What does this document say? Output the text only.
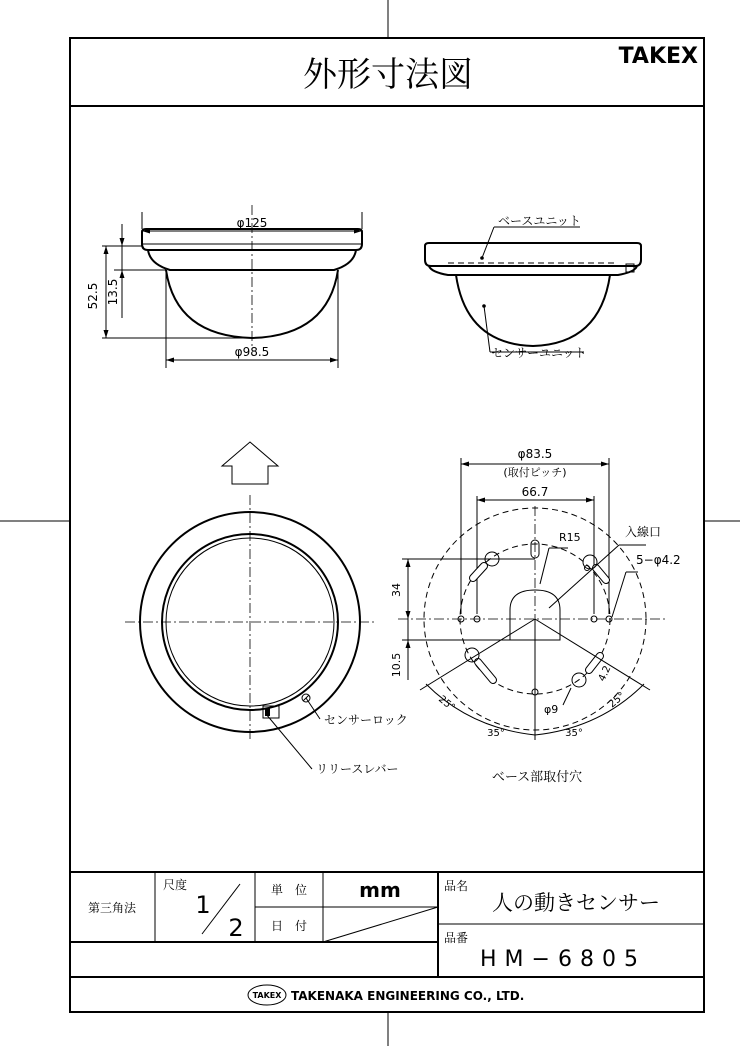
外形寸法図	TAKEX
φ125
φ98.5
52.5 13.5
ベースユニット
センサーユニット
センサーロック
リリースレバー
φ83.5
(取付ピッチ)
66.7
R15	入線口
5−φ4.2
34
10.5
φ9
4.2
25°	25°
35°	35°
ベース部取付穴
第三角法
尺度
1
2
単　位	mm
日　付
品名
人の動きセンサー
品番
HM−6805
TAKEX TAKENAKA ENGINEERING CO., LTD.
